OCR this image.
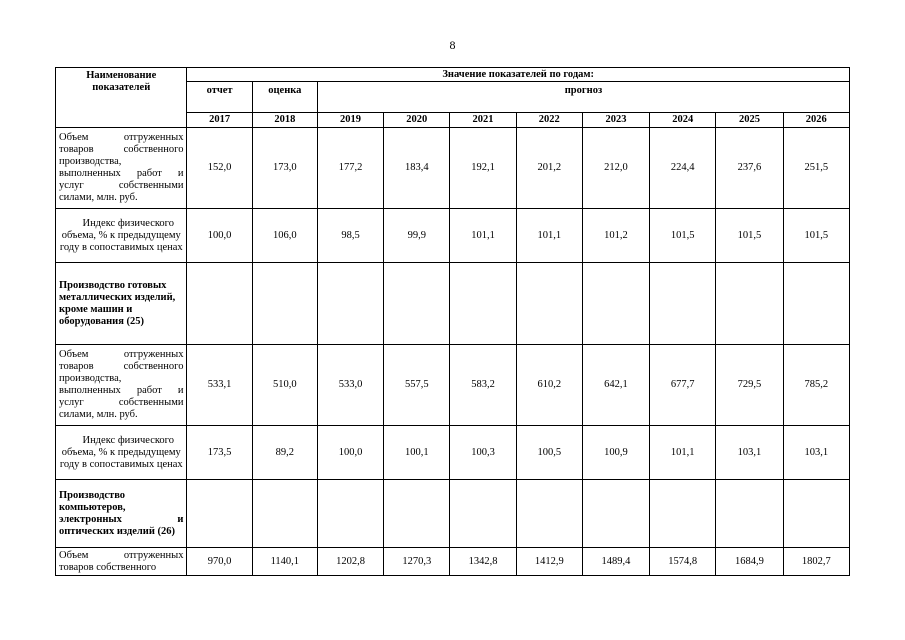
8
Наименование показателей	Значение показателей по годам:									
	отчет	оценка	прогноз							
	2017	2018	2019	2020	2021	2022	2023	2024	2025	2026
Объем отгруженных товаров собственного производства, выполненных работ и услуг собственными силами, млн. руб.	152,0	173,0	177,2	183,4	192,1	201,2	212,0	224,4	237,6	251,5
Индекс физического объема, % к предыдущему году в сопоставимых ценах	100,0	106,0	98,5	99,9	101,1	101,1	101,2	101,5	101,5	101,5
Производство готовых металлических изделий, кроме машин и оборудования (25)										
Объем отгруженных товаров собственного производства, выполненных работ и услуг собственными силами, млн. руб.	533,1	510,0	533,0	557,5	583,2	610,2	642,1	677,7	729,5	785,2
Индекс физического объема, % к предыдущему году в сопоставимых ценах	173,5	89,2	100,0	100,1	100,3	100,5	100,9	101,1	103,1	103,1
Производство компьютеров, электронных и оптических изделий (26)										
Объем отгруженных товаров собственного	970,0	1140,1	1202,8	1270,3	1342,8	1412,9	1489,4	1574,8	1684,9	1802,7
